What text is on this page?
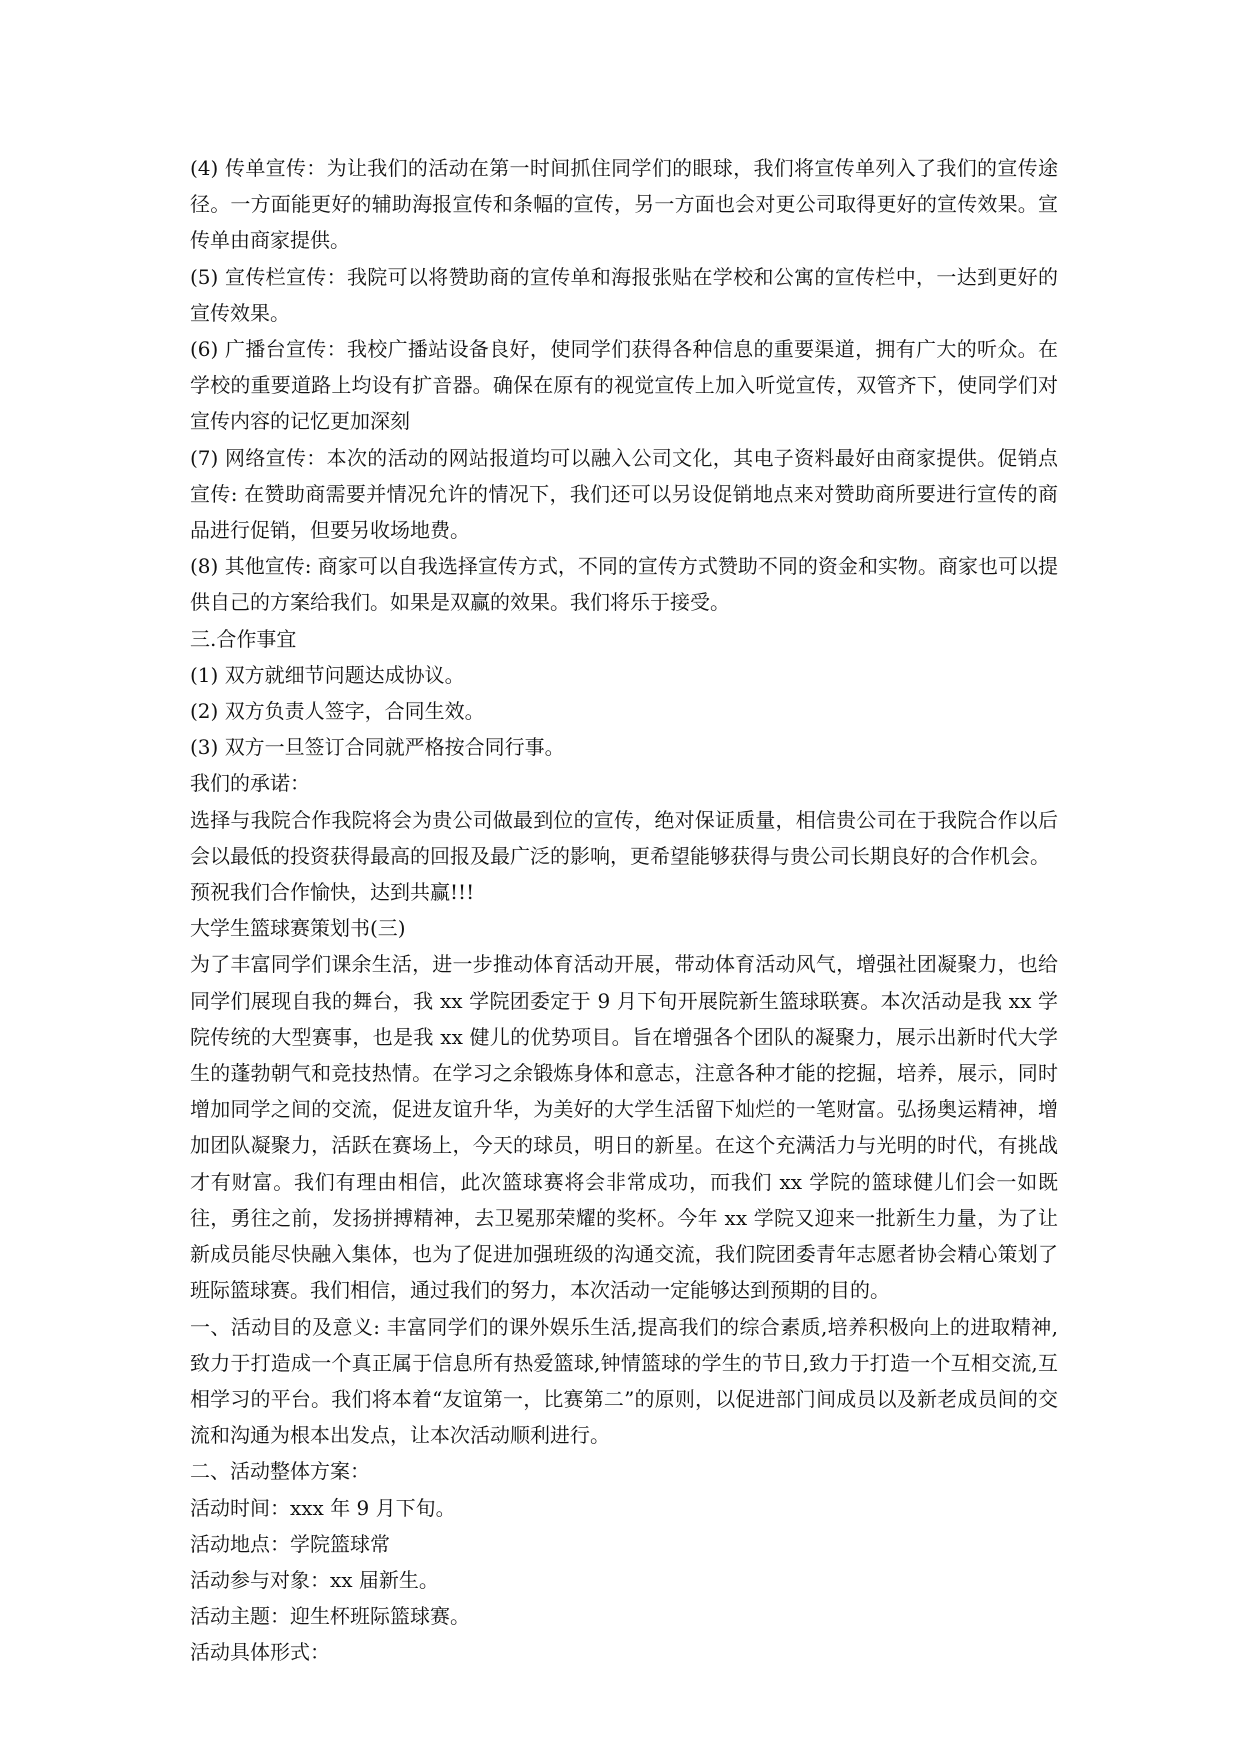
(4) 传单宣传：为让我们的活动在第一时间抓住同学们的眼球，我们将宣传单列入了我们的宣传途径。一方面能更好的辅助海报宣传和条幅的宣传，另一方面也会对更公司取得更好的宣传效果。宣传单由商家提供。

(5) 宣传栏宣传：我院可以将赞助商的宣传单和海报张贴在学校和公寓的宣传栏中，一达到更好的宣传效果。

(6) 广播台宣传：我校广播站设备良好，使同学们获得各种信息的重要渠道，拥有广大的听众。在学校的重要道路上均设有扩音器。确保在原有的视觉宣传上加入听觉宣传，双管齐下，使同学们对宣传内容的记忆更加深刻

(7) 网络宣传：本次的活动的网站报道均可以融入公司文化，其电子资料最好由商家提供。促销点宣传: 在赞助商需要并情况允许的情况下，我们还可以另设促销地点来对赞助商所要进行宣传的商品进行促销，但要另收场地费。

(8) 其他宣传: 商家可以自我选择宣传方式，不同的宣传方式赞助不同的资金和实物。商家也可以提供自己的方案给我们。如果是双赢的效果。我们将乐于接受。

三.合作事宜

(1) 双方就细节问题达成协议。

(2) 双方负责人签字，合同生效。

(3) 双方一旦签订合同就严格按合同行事。

我们的承诺：

选择与我院合作我院将会为贵公司做最到位的宣传，绝对保证质量，相信贵公司在于我院合作以后会以最低的投资获得最高的回报及最广泛的影响，更希望能够获得与贵公司长期良好的合作机会。

预祝我们合作愉快，达到共赢!!!

大学生篮球赛策划书(三)

为了丰富同学们课余生活，进一步推动体育活动开展，带动体育活动风气，增强社团凝聚力，也给同学们展现自我的舞台，我 xx 学院团委定于 9 月下旬开展院新生篮球联赛。本次活动是我 xx 学院传统的大型赛事，也是我 xx 健儿的优势项目。旨在增强各个团队的凝聚力，展示出新时代大学生的蓬勃朝气和竞技热情。在学习之余锻炼身体和意志，注意各种才能的挖掘，培养，展示，同时增加同学之间的交流，促进友谊升华，为美好的大学生活留下灿烂的一笔财富。弘扬奥运精神，增加团队凝聚力，活跃在赛场上，今天的球员，明日的新星。在这个充满活力与光明的时代，有挑战才有财富。我们有理由相信，此次篮球赛将会非常成功，而我们 xx 学院的篮球健儿们会一如既往，勇往之前，发扬拼搏精神，去卫冕那荣耀的奖杯。今年 xx 学院又迎来一批新生力量，为了让新成员能尽快融入集体，也为了促进加强班级的沟通交流，我们院团委青年志愿者协会精心策划了班际篮球赛。我们相信，通过我们的努力，本次活动一定能够达到预期的目的。

一、活动目的及意义: 丰富同学们的课外娱乐生活,提高我们的综合素质,培养积极向上的进取精神,致力于打造成一个真正属于信息所有热爱篮球,钟情篮球的学生的节日,致力于打造一个互相交流,互相学习的平台。我们将本着“友谊第一，比赛第二”的原则，以促进部门间成员以及新老成员间的交流和沟通为根本出发点，让本次活动顺利进行。

二、活动整体方案：

活动时间：xxx 年 9 月下旬。

活动地点：学院篮球常

活动参与对象：xx 届新生。

活动主题：迎生杯班际篮球赛。

活动具体形式：
